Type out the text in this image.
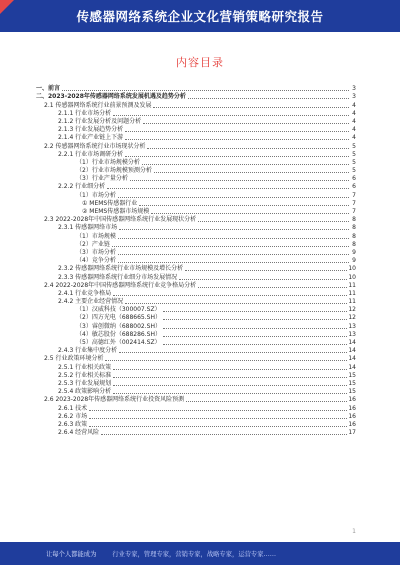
传感器网络系统企业文化营销策略研究报告
内容目录
一、前言	3
二、2023-2028年传感器网络系统发展机遇及趋势分析	3
2.1 传感器网络系统行业前景预测及发展	4
2.1.1 行业市场分析	4
2.1.2 行业发展分析及问题分析	4
2.1.3 行业发展趋势分析	4
2.1.4 行业产业链上下游	4
2.2 传感器网络系统行业市场现状分析	5
2.2.1 行业市场调研分析	5
（1）行业市场规模分析	5
（2）行业市场规模预测分析	5
（3）行业产量分析	6
2.2.2 行业细分析	6
（1）市场分析	7
① MEMS传感器行业	7
② MEMS传感器市场规模	7
2.3 2022-2028年中国传感器网络系统行业发展现状分析	8
2.3.1 传感器网络市场	8
（1）市场规模	8
（2）产业链	8
（3）市场分析	9
（4）竞争分析	9
2.3.2 传感器网络系统行业市场规模及增长分析	10
2.3.3 传感器网络系统行业细分市场发展情况	10
2.4 2022-2028年中国传感器网络系统行业竞争格局分析	11
2.4.1 行业竞争格局	11
2.4.2 主要企业经营情况	11
（1）汉威科技（300007.SZ）	12
（2）四方光电（688665.SH）	12
（3）睿创微纳（688002.SH）	13
（4）敏芯股份（688286.SH）	13
（5）高德红外（002414.SZ）	14
2.4.3 行业集中度分析	14
2.5 行业政策环境分析	14
2.5.1 行业相关政策	14
2.5.2 行业相关标准	15
2.5.3 行业发展规划	15
2.5.4 政策影响分析	15
2.6 2023-2028年传感器网络系统行业投资风险预测	16
2.6.1 技术	16
2.6.2 市场	16
2.6.3 政策	16
2.6.4 经营风险	17
1
让每个人都能成为	行业专家，管理专家，营销专家，战略专家，运营专家……
